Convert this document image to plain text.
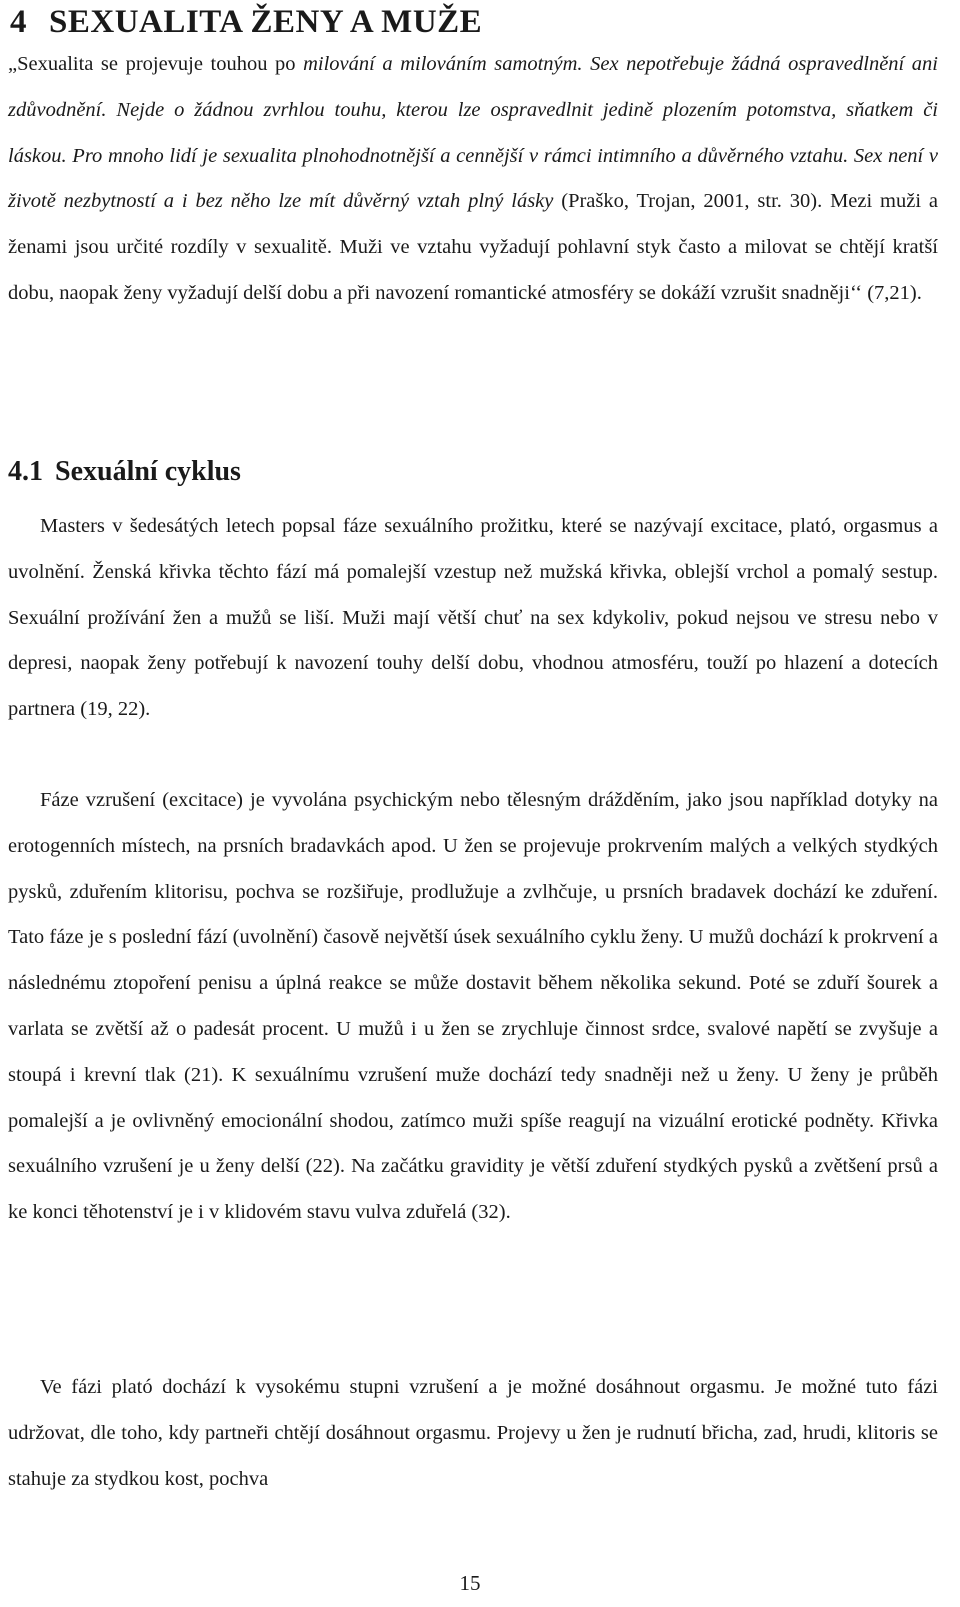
4 SEXUALITA ŽENY A MUŽE

„Sexualita se projevuje touhou po milování a milováním samotným. Sex nepotřebuje žádná ospravedlnění ani zdůvodnění. Nejde o žádnou zvrhlou touhu, kterou lze ospravedlnit jedině plozením potomstva, sňatkem či láskou. Pro mnoho lidí je sexualita plnohodnotnější a cennější v rámci intimního a důvěrného vztahu. Sex není v životě nezbytností a i bez něho lze mít důvěrný vztah plný lásky (Praško, Trojan, 2001, str. 30). Mezi muži a ženami jsou určité rozdíly v sexualitě. Muži ve vztahu vyžadují pohlavní styk často a milovat se chtějí kratší dobu, naopak ženy vyžadují delší dobu a při navození romantické atmosféry se dokáží vzrušit snadněji‘‘ (7,21).

4.1 Sexuální cyklus

Masters v šedesátých letech popsal fáze sexuálního prožitku, které se nazývají excitace, plató, orgasmus a uvolnění. Ženská křivka těchto fází má pomalejší vzestup než mužská křivka, oblejší vrchol a pomalý sestup. Sexuální prožívání žen a mužů se liší. Muži mají větší chuť na sex kdykoliv, pokud nejsou ve stresu nebo v depresi, naopak ženy potřebují k navození touhy delší dobu, vhodnou atmosféru, touží po hlazení a dotecích partnera (19, 22).

Fáze vzrušení (excitace) je vyvolána psychickým nebo tělesným drážděním, jako jsou například dotyky na erotogenních místech, na prsních bradavkách apod. U žen se projevuje prokrvením malých a velkých stydkých pysků, zduřením klitorisu, pochva se rozšiřuje, prodlužuje a zvlhčuje, u prsních bradavek dochází ke zduření. Tato fáze je s poslední fází (uvolnění) časově největší úsek sexuálního cyklu ženy. U mužů dochází k prokrvení a následnému ztopoření penisu a úplná reakce se může dostavit během několika sekund. Poté se zduří šourek a varlata se zvětší až o padesát procent. U mužů i u žen se zrychluje činnost srdce, svalové napětí se zvyšuje a stoupá i krevní tlak (21). K sexuálnímu vzrušení muže dochází tedy snadněji než u ženy. U ženy je průběh pomalejší a je ovlivněný emocionální shodou, zatímco muži spíše reagují na vizuální erotické podněty. Křivka sexuálního vzrušení je u ženy delší (22). Na začátku gravidity je větší zduření stydkých pysků a zvětšení prsů a ke konci těhotenství je i v klidovém stavu vulva zduřelá (32).

Ve fázi plató dochází k vysokému stupni vzrušení a je možné dosáhnout orgasmu. Je možné tuto fázi udržovat, dle toho, kdy partneři chtějí dosáhnout orgasmu. Projevy u žen je rudnutí břicha, zad, hrudi, klitoris se stahuje za stydkou kost, pochva

15
